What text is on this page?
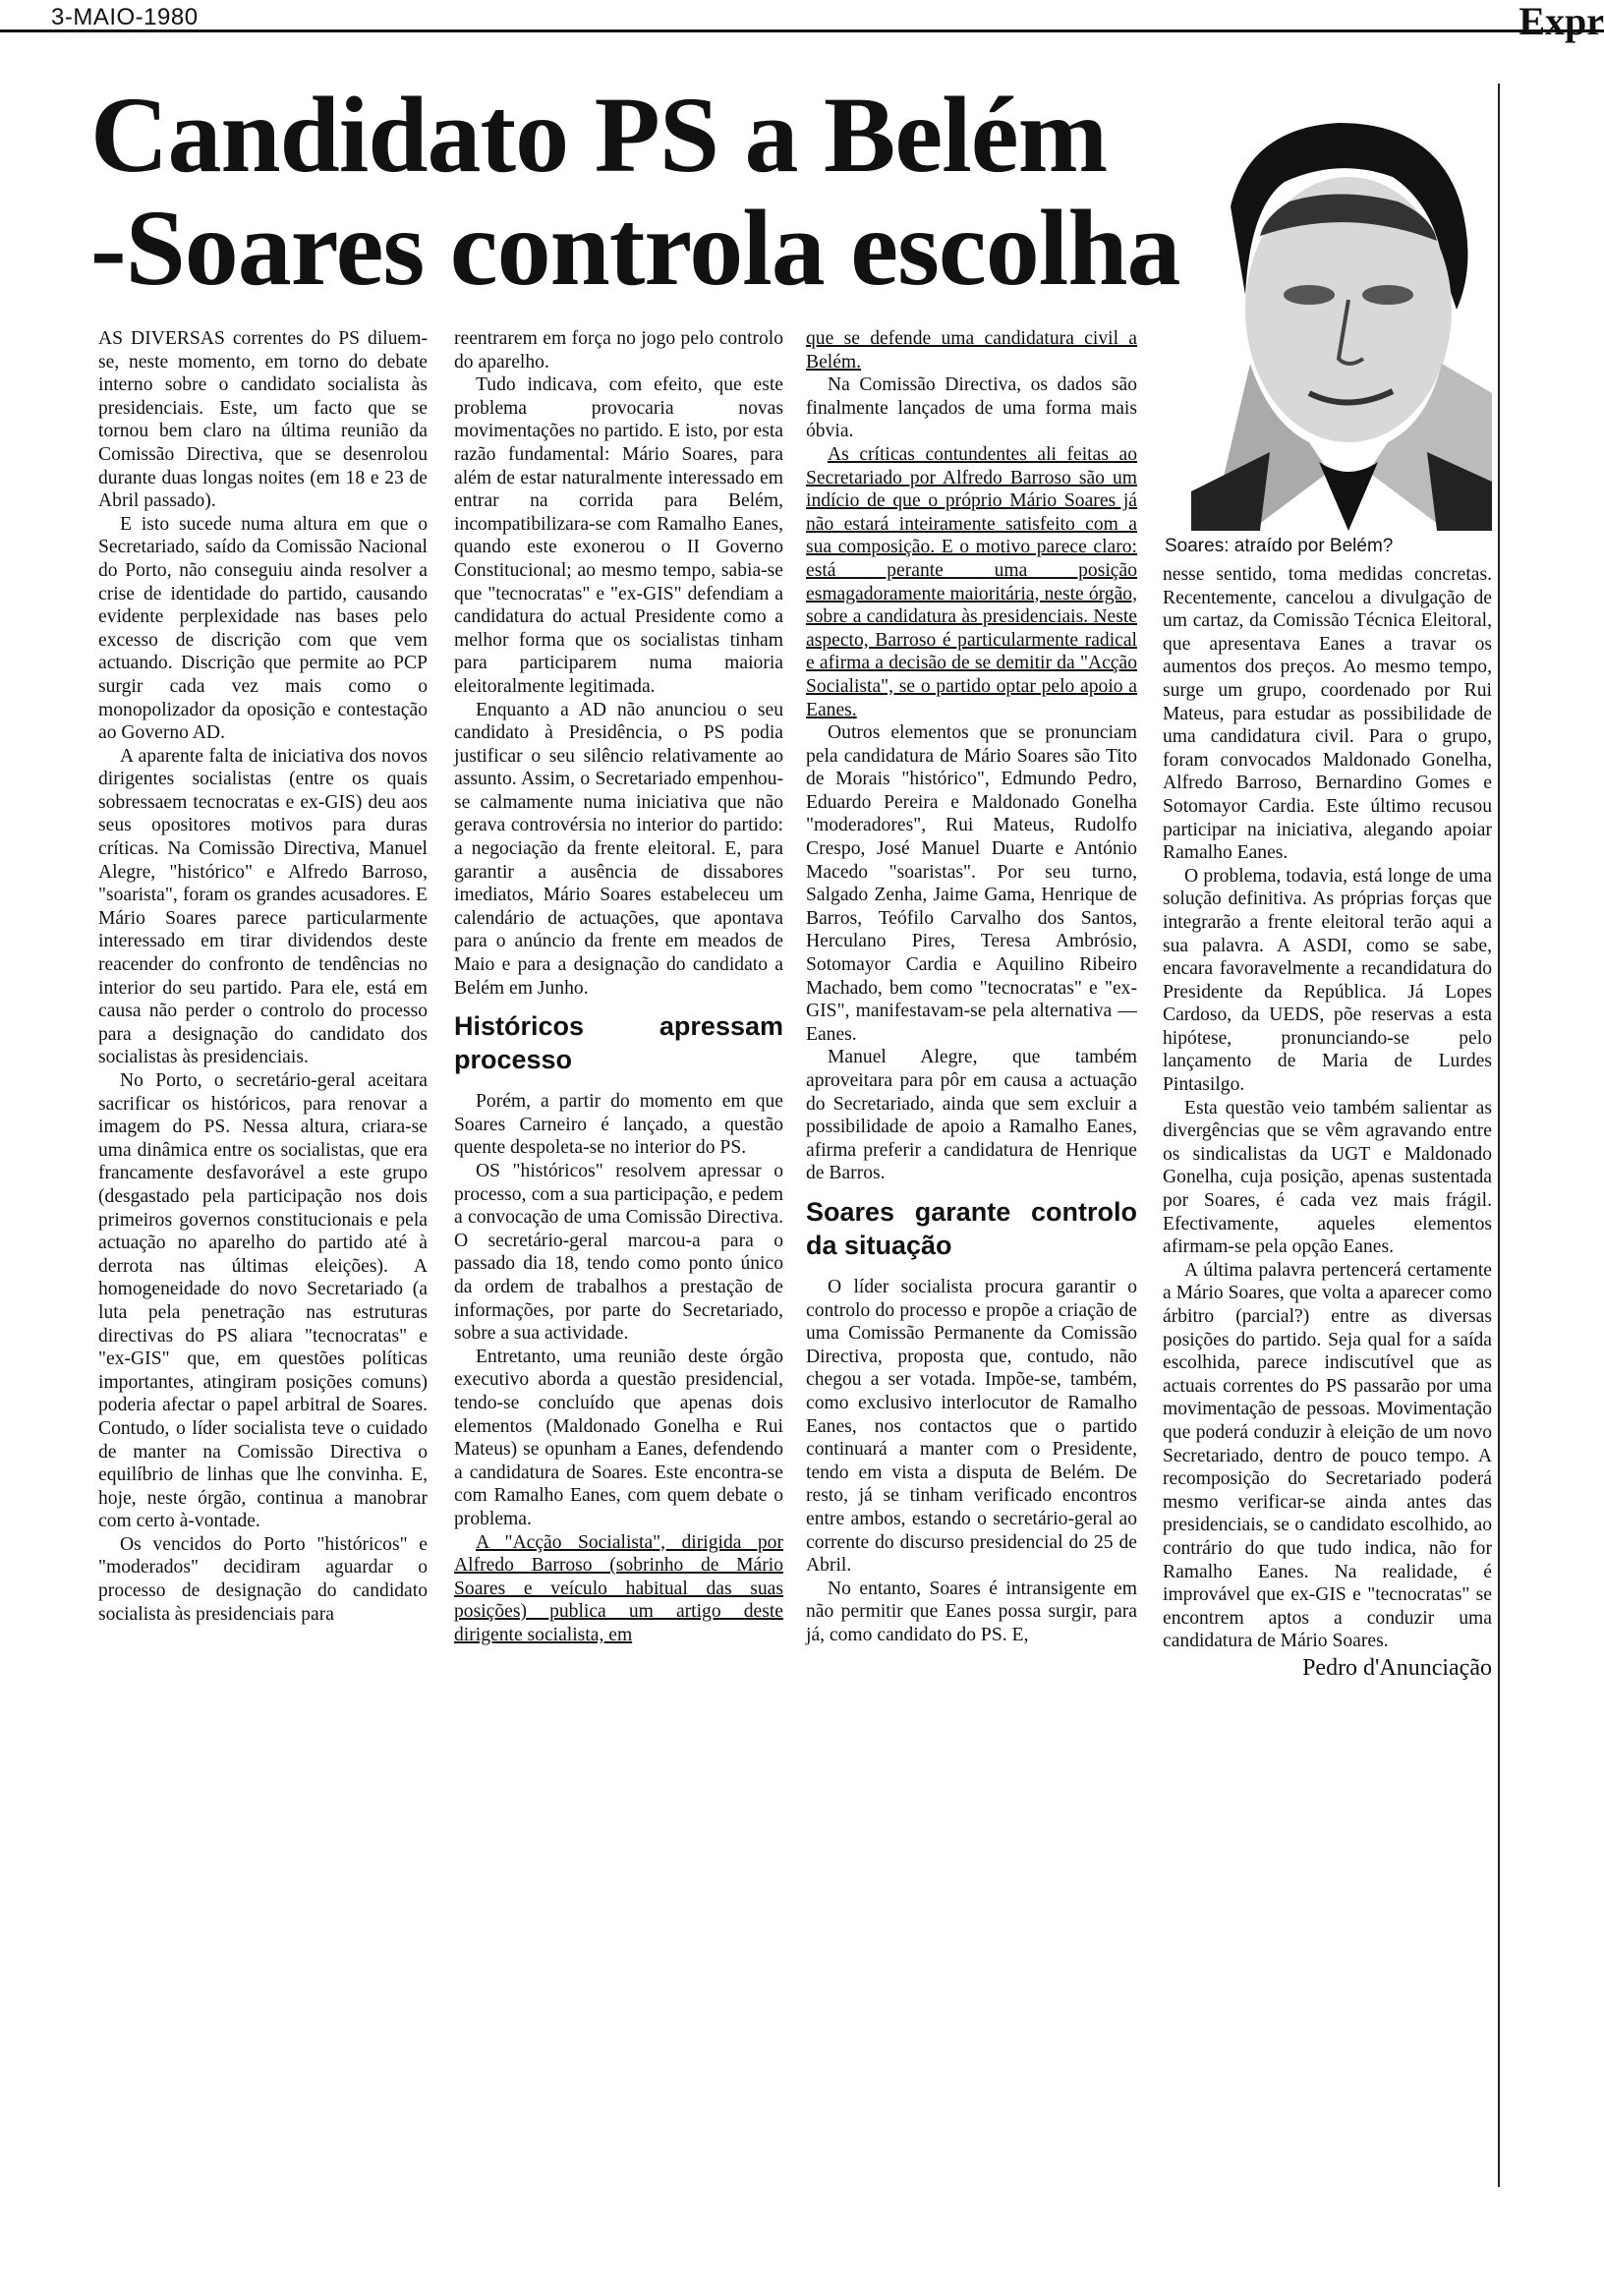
3-MAIO-1980	Expr
Candidato PS a Belém
-Soares controla escolha
Soares: atraído por Belém?

AS DIVERSAS correntes do PS diluem-se, neste momento, em torno do debate interno sobre o candidato socialista às presidenciais. Este, um facto que se tornou bem claro na última reunião da Comissão Directiva, que se desenrolou durante duas longas noites (em 18 e 23 de Abril passado).

E isto sucede numa altura em que o Secretariado, saído da Comissão Nacional do Porto, não conseguiu ainda resolver a crise de identidade do partido, causando evidente perplexidade nas bases pelo excesso de discrição com que vem actuando. Discrição que permite ao PCP surgir cada vez mais como o monopolizador da oposição e contestação ao Governo AD.

A aparente falta de iniciativa dos novos dirigentes socialistas (entre os quais sobressaem tecnocratas e ex-GIS) deu aos seus opositores motivos para duras críticas. Na Comissão Directiva, Manuel Alegre, "histórico" e Alfredo Barroso, "soarista", foram os grandes acusadores. E Mário Soares parece particularmente interessado em tirar dividendos deste reacender do confronto de tendências no interior do seu partido. Para ele, está em causa não perder o controlo do processo para a designação do candidato dos socialistas às presidenciais.

No Porto, o secretário-geral aceitara sacrificar os históricos, para renovar a imagem do PS. Nessa altura, criara-se uma dinâmica entre os socialistas, que era francamente desfavorável a este grupo (desgastado pela participação nos dois primeiros governos constitucionais e pela actuação no aparelho do partido até à derrota nas últimas eleições). A homogeneidade do novo Secretariado (a luta pela penetração nas estruturas directivas do PS aliara "tecnocratas" e "ex-GIS" que, em questões políticas importantes, atingiram posições comuns) poderia afectar o papel arbitral de Soares. Contudo, o líder socialista teve o cuidado de manter na Comissão Directiva o equilíbrio de linhas que lhe convinha. E, hoje, neste órgão, continua a manobrar com certo à-vontade.

Os vencidos do Porto "históricos" e "moderados" decidiram aguardar o processo de designação do candidato socialista às presidenciais para

reentrarem em força no jogo pelo controlo do aparelho.

Tudo indicava, com efeito, que este problema provocaria novas movimentações no partido. E isto, por esta razão fundamental: Mário Soares, para além de estar naturalmente interessado em entrar na corrida para Belém, incompatibilizara-se com Ramalho Eanes, quando este exonerou o II Governo Constitucional; ao mesmo tempo, sabia-se que "tecnocratas" e "ex-GIS" defendiam a candidatura do actual Presidente como a melhor forma que os socialistas tinham para participarem numa maioria eleitoralmente legitimada.

Enquanto a AD não anunciou o seu candidato à Presidência, o PS podia justificar o seu silêncio relativamente ao assunto. Assim, o Secretariado empenhou-se calmamente numa iniciativa que não gerava controvérsia no interior do partido: a negociação da frente eleitoral. E, para garantir a ausência de dissabores imediatos, Mário Soares estabeleceu um calendário de actuações, que apontava para o anúncio da frente em meados de Maio e para a designação do candidato a Belém em Junho.

Históricos apressam processo

Porém, a partir do momento em que Soares Carneiro é lançado, a questão quente despoleta-se no interior do PS.

OS "históricos" resolvem apressar o processo, com a sua participação, e pedem a convocação de uma Comissão Directiva. O secretário-geral marcou-a para o passado dia 18, tendo como ponto único da ordem de trabalhos a prestação de informações, por parte do Secretariado, sobre a sua actividade.

Entretanto, uma reunião deste órgão executivo aborda a questão presidencial, tendo-se concluído que apenas dois elementos (Maldonado Gonelha e Rui Mateus) se opunham a Eanes, defendendo a candidatura de Soares. Este encontra-se com Ramalho Eanes, com quem debate o problema.

A "Acção Socialista", dirigida por Alfredo Barroso (sobrinho de Mário Soares e veículo habitual das suas posições) publica um artigo deste dirigente socialista, em

que se defende uma candidatura civil a Belém.

Na Comissão Directiva, os dados são finalmente lançados de uma forma mais óbvia.

As críticas contundentes ali feitas ao Secretariado por Alfredo Barroso são um indício de que o próprio Mário Soares já não estará inteiramente satisfeito com a sua composição. E o motivo parece claro: está perante uma posição esmagadoramente maioritária, neste órgão, sobre a candidatura às presidenciais. Neste aspecto, Barroso é particularmente radical e afirma a decisão de se demitir da "Acção Socialista", se o partido optar pelo apoio a Eanes.

Outros elementos que se pronunciam pela candidatura de Mário Soares são Tito de Morais "histórico", Edmundo Pedro, Eduardo Pereira e Maldonado Gonelha "moderadores", Rui Mateus, Rudolfo Crespo, José Manuel Duarte e António Macedo "soaristas". Por seu turno, Salgado Zenha, Jaime Gama, Henrique de Barros, Teófilo Carvalho dos Santos, Herculano Pires, Teresa Ambrósio, Sotomayor Cardia e Aquilino Ribeiro Machado, bem como "tecnocratas" e "ex-GIS", manifestavam-se pela alternativa — Eanes.

Manuel Alegre, que também aproveitara para pôr em causa a actuação do Secretariado, ainda que sem excluir a possibilidade de apoio a Ramalho Eanes, afirma preferir a candidatura de Henrique de Barros.

Soares garante controlo da situação

O líder socialista procura garantir o controlo do processo e propõe a criação de uma Comissão Permanente da Comissão Directiva, proposta que, contudo, não chegou a ser votada. Impõe-se, também, como exclusivo interlocutor de Ramalho Eanes, nos contactos que o partido continuará a manter com o Presidente, tendo em vista a disputa de Belém. De resto, já se tinham verificado encontros entre ambos, estando o secretário-geral ao corrente do discurso presidencial do 25 de Abril.

No entanto, Soares é intransigente em não permitir que Eanes possa surgir, para já, como candidato do PS. E,

nesse sentido, toma medidas concretas. Recentemente, cancelou a divulgação de um cartaz, da Comissão Técnica Eleitoral, que apresentava Eanes a travar os aumentos dos preços. Ao mesmo tempo, surge um grupo, coordenado por Rui Mateus, para estudar as possibilidade de uma candidatura civil. Para o grupo, foram convocados Maldonado Gonelha, Alfredo Barroso, Bernardino Gomes e Sotomayor Cardia. Este último recusou participar na iniciativa, alegando apoiar Ramalho Eanes.

O problema, todavia, está longe de uma solução definitiva. As próprias forças que integrarão a frente eleitoral terão aqui a sua palavra. A ASDI, como se sabe, encara favoravelmente a recandidatura do Presidente da República. Já Lopes Cardoso, da UEDS, põe reservas a esta hipótese, pronunciando-se pelo lançamento de Maria de Lurdes Pintasilgo.

Esta questão veio também salientar as divergências que se vêm agravando entre os sindicalistas da UGT e Maldonado Gonelha, cuja posição, apenas sustentada por Soares, é cada vez mais frágil. Efectivamente, aqueles elementos afirmam-se pela opção Eanes.

A última palavra pertencerá certamente a Mário Soares, que volta a aparecer como árbitro (parcial?) entre as diversas posições do partido. Seja qual for a saída escolhida, parece indiscutível que as actuais correntes do PS passarão por uma movimentação de pessoas. Movimentação que poderá conduzir à eleição de um novo Secretariado, dentro de pouco tempo. A recomposição do Secretariado poderá mesmo verificar-se ainda antes das presidenciais, se o candidato escolhido, ao contrário do que tudo indica, não for Ramalho Eanes. Na realidade, é improvável que ex-GIS e "tecnocratas" se encontrem aptos a conduzir uma candidatura de Mário Soares.

Pedro d'Anunciação
